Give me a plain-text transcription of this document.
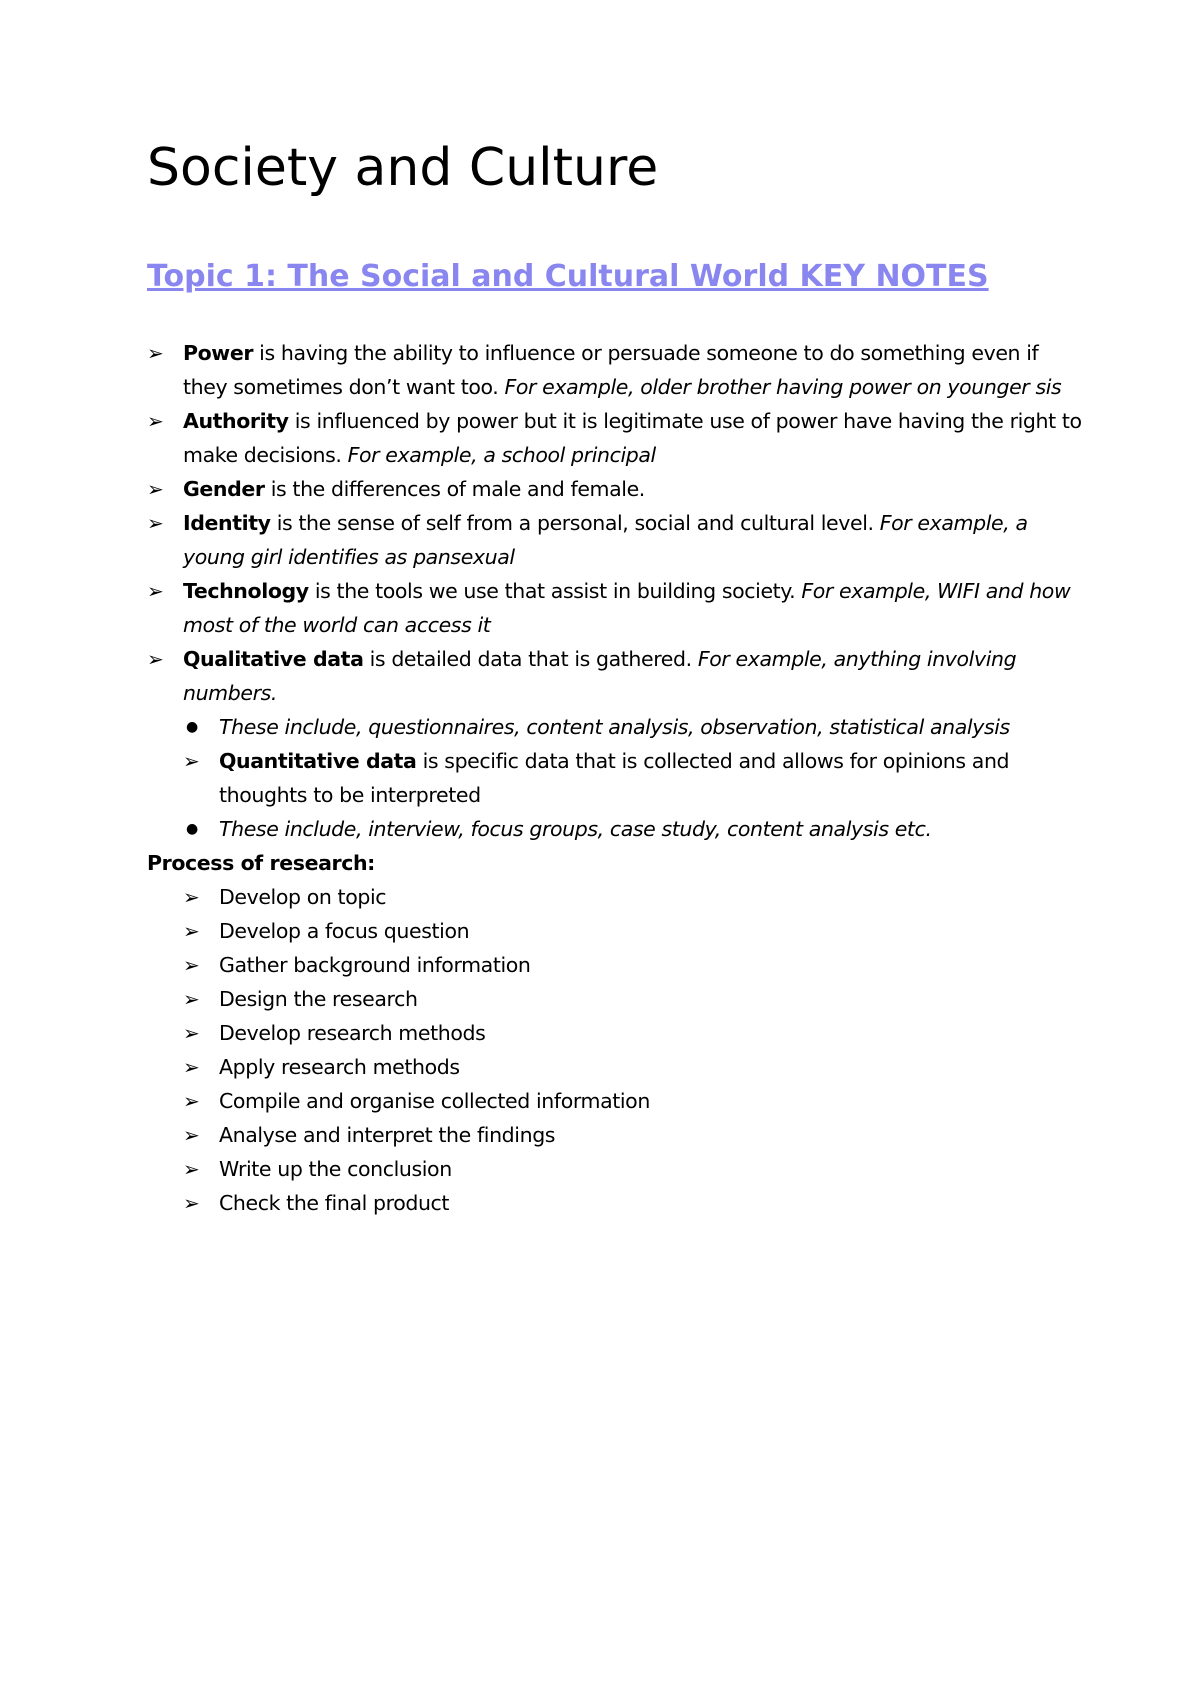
Society and Culture
Topic 1: The Social and Cultural World KEY NOTES
➢ Power is having the ability to influence or persuade someone to do something even if they sometimes don’t want too. For example, older brother having power on younger sis
➢ Authority is influenced by power but it is legitimate use of power have having the right to make decisions. For example, a school principal
➢ Gender is the differences of male and female.
➢ Identity is the sense of self from a personal, social and cultural level. For example, a young girl identifies as pansexual
➢ Technology is the tools we use that assist in building society. For example, WIFI and how most of the world can access it
➢ Qualitative data is detailed data that is gathered. For example, anything involving numbers.
●	These include, questionnaires, content analysis, observation, statistical analysis
➢ Quantitative data is specific data that is collected and allows for opinions and thoughts to be interpreted
●	These include, interview, focus groups, case study, content analysis etc.
Process of research:
➢ Develop on topic
➢ Develop a focus question
➢ Gather background information
➢ Design the research
➢ Develop research methods
➢ Apply research methods
➢ Compile and organise collected information
➢ Analyse and interpret the findings
➢ Write up the conclusion
➢ Check the final product
